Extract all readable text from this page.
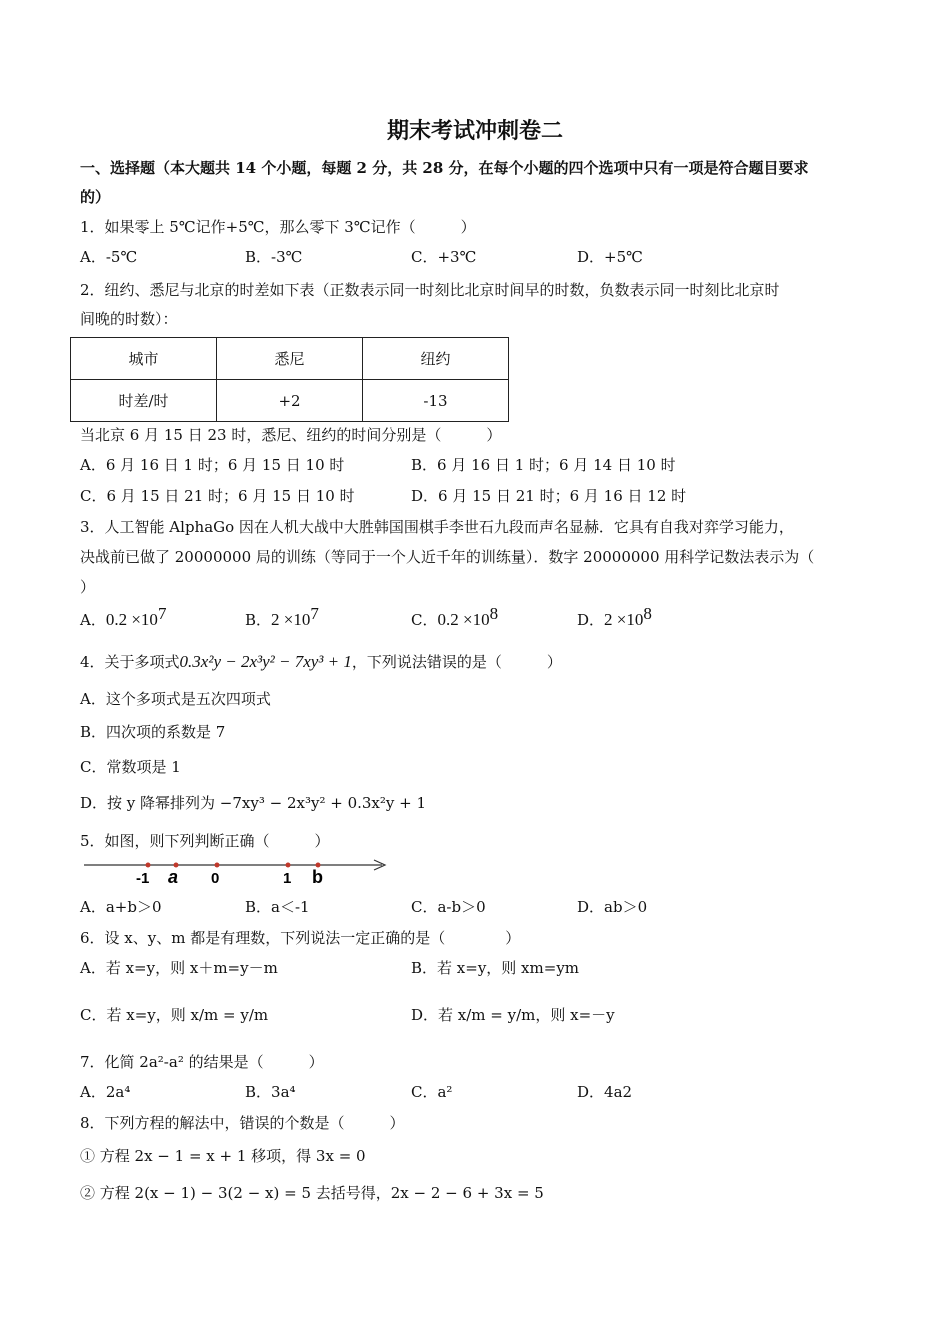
期末考试冲刺卷二
一、选择题（本大题共 14 个小题，每题 2 分，共 28 分，在每个小题的四个选项中只有一项是符合题目要求
的）
1．如果零上 5℃记作+5℃，那么零下 3℃记作（　　　）
A．-5℃	B．-3℃	C．+3℃	D．+5℃
2．纽约、悉尼与北京的时差如下表（正数表示同一时刻比北京时间早的时数，负数表示同一时刻比北京时
间晚的时数）：
城市	悉尼	纽约
时差/时	+2	-13
当北京 6 月 15 日 23 时，悉尼、纽约的时间分别是（　　　）
A．6 月 16 日 1 时；6 月 15 日 10 时	B．6 月 16 日 1 时；6 月 14 日 10 时
C．6 月 15 日 21 时；6 月 15 日 10 时	D．6 月 15 日 21 时；6 月 16 日 12 时
3．人工智能 AlphaGo 因在人机大战中大胜韩国围棋手李世石九段而声名显赫．它具有自我对弈学习能力，
决战前已做了 20000000 局的训练（等同于一个人近千年的训练量）．数字 20000000 用科学记数法表示为（
）
A．$0.2 \times 10^7$	B．$2 \times 10^7$	C．$0.2 \times 10^8$	D．$2 \times 10^8$
4．关于多项式0.3x²y − 2x³y² − 7xy³ + 1，下列说法错误的是（　　　）
A．这个多项式是五次四项式
B．四次项的系数是 7
C．常数项是 1
D．按 y 降幂排列为 −7xy³ − 2x³y² + 0.3x²y + 1
5．如图，则下列判断正确（　　　）
-1 a 0	1 b
A．a+b＞0	B．a＜-1	C．a-b＞0	D．ab＞0
6．设 x、y、m 都是有理数，下列说法一定正确的是（　　　　）
A．若 x=y，则 x＋m=y－m	B．若 x=y，则 xm=ym
C．若 x=y，则 x/m = y/m	D．若 x/m = y/m，则 x=－y
7．化简 2a²-a² 的结果是（　　　）
A．2a⁴	B．3a⁴	C．a²	D．4a2
8．下列方程的解法中，错误的个数是（　　　）
① 方程 2x − 1 = x + 1 移项，得 3x = 0
② 方程 2(x − 1) − 3(2 − x) = 5 去括号得，2x − 2 − 6 + 3x = 5
